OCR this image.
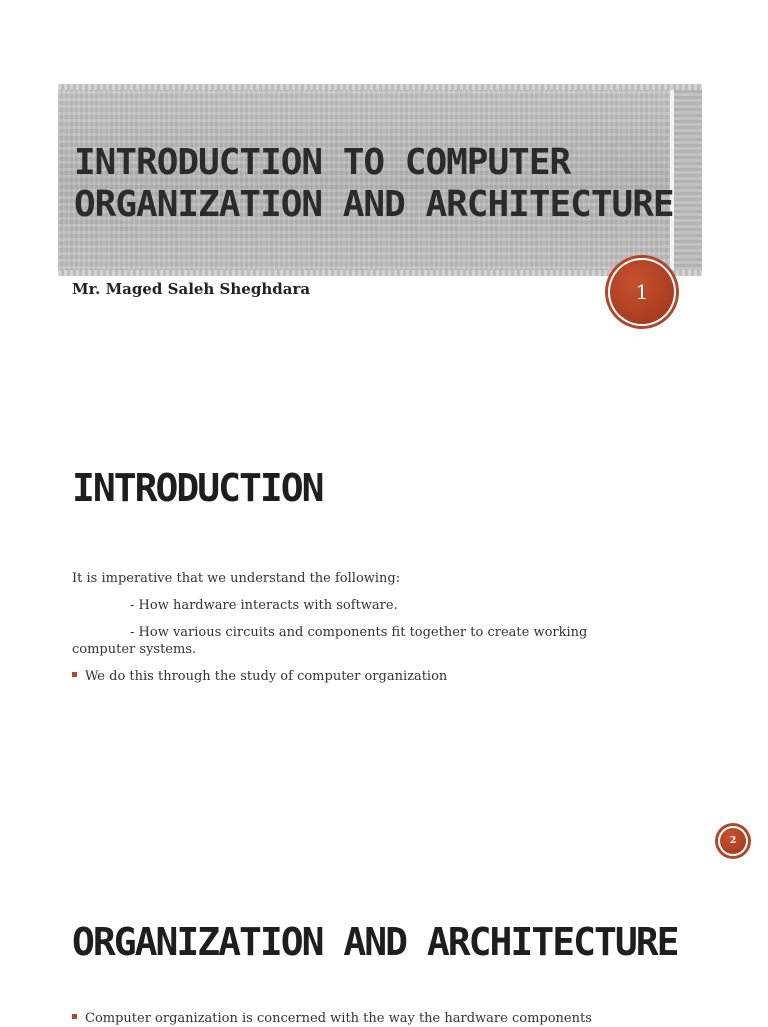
INTRODUCTION TO COMPUTER ORGANIZATION AND ARCHITECTURE

Mr. Maged Saleh Sheghdara	1
INTRODUCTION

It is imperative that we understand the following:

- How hardware interacts with software.

- How various circuits and components fit together to create working computer systems.

We do this through the study of computer organization

2
ORGANIZATION AND ARCHITECTURE

Computer organization is concerned with the way the hardware components
